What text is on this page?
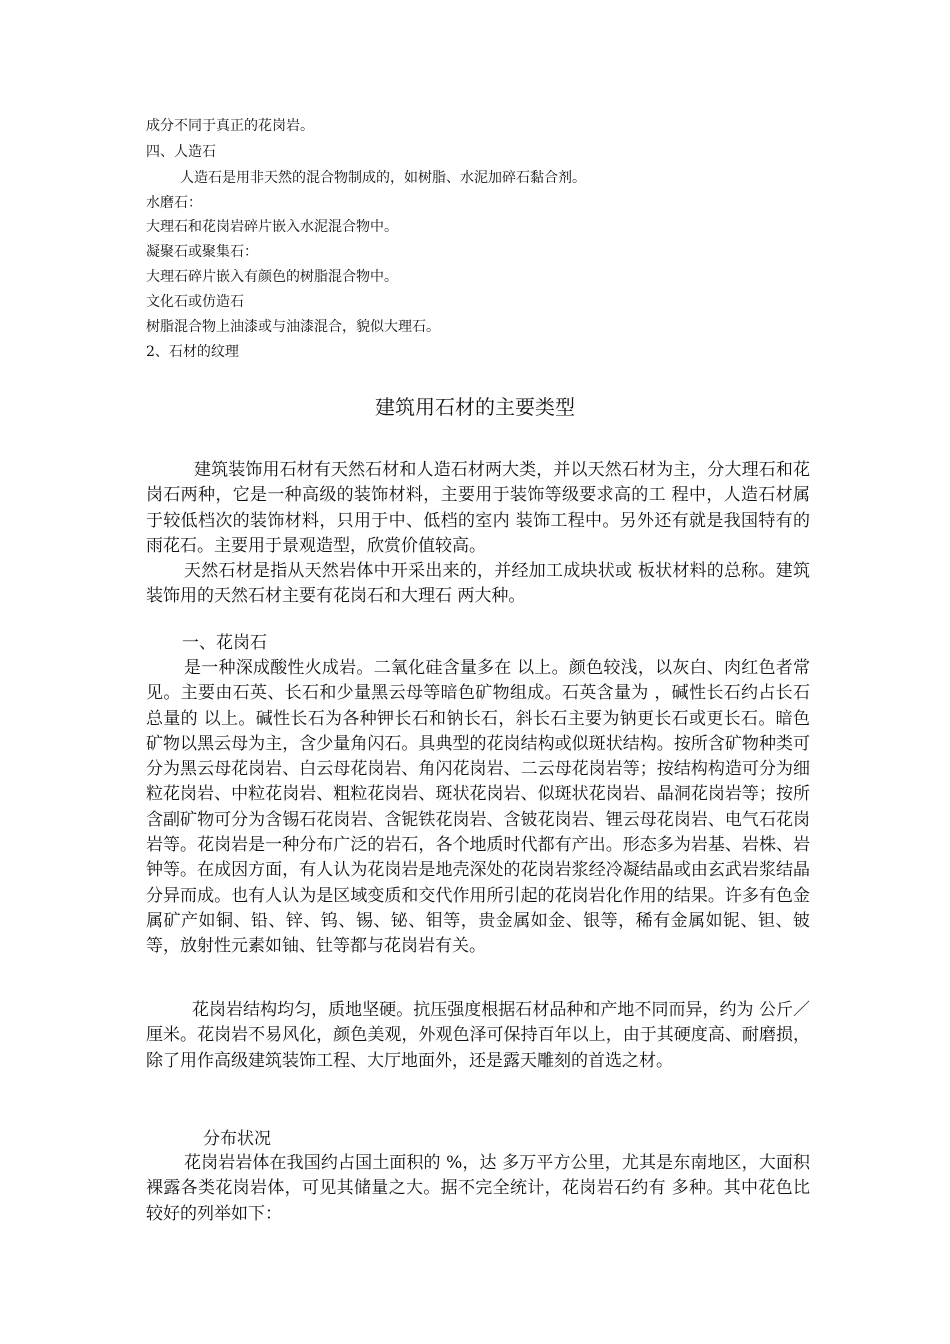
成分不同于真正的花岗岩。
四、人造石
人造石是用非天然的混合物制成的，如树脂、水泥加碎石黏合剂。
水磨石：
大理石和花岗岩碎片嵌入水泥混合物中。
凝聚石或聚集石：
大理石碎片嵌入有颜色的树脂混合物中。
文化石或仿造石
树脂混合物上油漆或与油漆混合，貌似大理石。
2、石材的纹理
建筑用石材的主要类型

建筑装饰用石材有天然石材和人造石材两大类，并以天然石材为主，分大理石和花岗石两种，它是一种高级的装饰材料，主要用于装饰等级要求高的工 程中，人造石材属于较低档次的装饰材料，只用于中、低档的室内 装饰工程中。另外还有就是我国特有的雨花石。主要用于景观造型，欣赏价值较高。

天然石材是指从天然岩体中开采出来的，并经加工成块状或 板状材料的总称。建筑装饰用的天然石材主要有花岗石和大理石 两大种。

一、花岗石

是一种深成酸性火成岩。二氧化硅含量多在 以上。颜色较浅，以灰白、肉红色者常见。主要由石英、长石和少量黑云母等暗色矿物组成。石英含量为 ，碱性长石约占长石总量的 以上。碱性长石为各种钾长石和钠长石，斜长石主要为钠更长石或更长石。暗色矿物以黑云母为主，含少量角闪石。具典型的花岗结构或似斑状结构。按所含矿物种类可分为黑云母花岗岩、白云母花岗岩、角闪花岗岩、二云母花岗岩等；按结构构造可分为细粒花岗岩、中粒花岗岩、粗粒花岗岩、斑状花岗岩、似斑状花岗岩、晶洞花岗岩等；按所含副矿物可分为含锡石花岗岩、含铌铁花岗岩、含铍花岗岩、锂云母花岗岩、电气石花岗岩等。花岗岩是一种分布广泛的岩石，各个地质时代都有产出。形态多为岩基、岩株、岩钟等。在成因方面，有人认为花岗岩是地壳深处的花岗岩浆经冷凝结晶或由玄武岩浆结晶分异而成。也有人认为是区域变质和交代作用所引起的花岗岩化作用的结果。许多有色金属矿产如铜、铅、锌、钨、锡、铋、钼等，贵金属如金、银等，稀有金属如铌、钽、铍等，放射性元素如铀、钍等都与花岗岩有关。

花岗岩结构均匀，质地坚硬。抗压强度根据石材品种和产地不同而异，约为 公斤／厘米。花岗岩不易风化，颜色美观，外观色泽可保持百年以上，由于其硬度高、耐磨损，除了用作高级建筑装饰工程、大厅地面外，还是露天雕刻的首选之材。

分布状况

花岗岩岩体在我国约占国土面积的 %，达 多万平方公里，尤其是东南地区，大面积裸露各类花岗岩体，可见其储量之大。据不完全统计，花岗岩石约有 多种。其中花色比较好的列举如下：
